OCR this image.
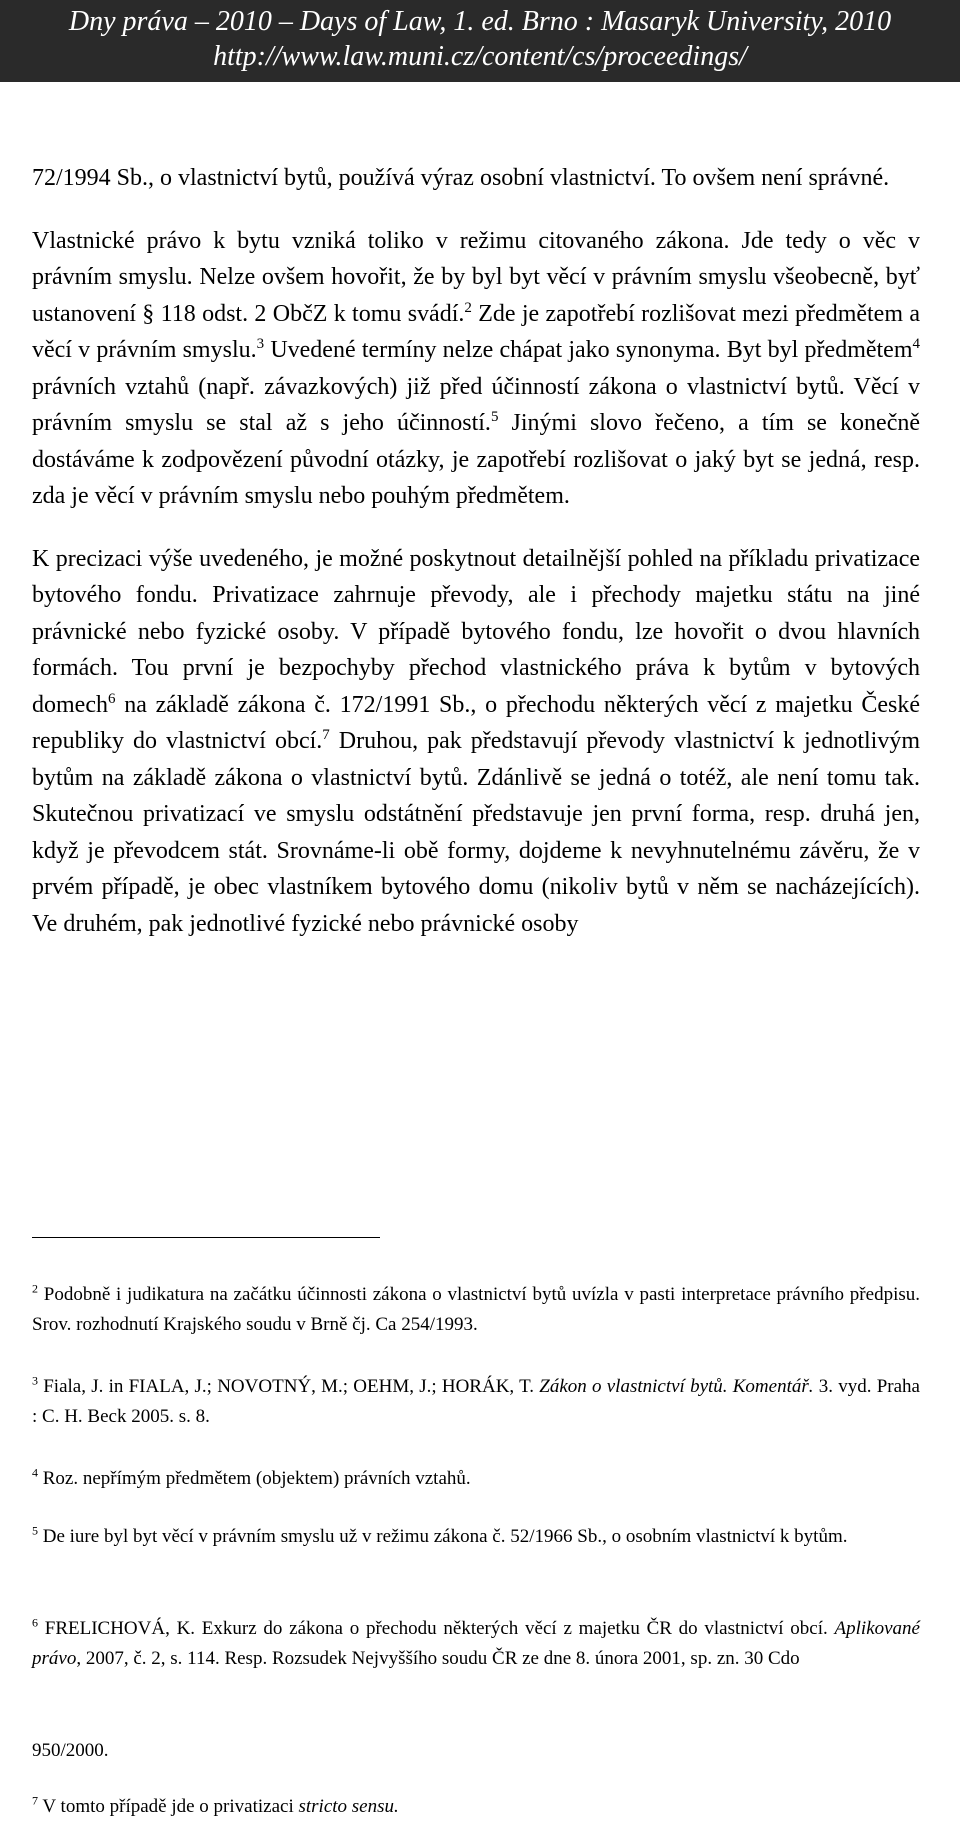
Dny práva – 2010 – Days of Law, 1. ed. Brno : Masaryk University, 2010
http://www.law.muni.cz/content/cs/proceedings/

72/1994 Sb., o vlastnictví bytů, používá výraz osobní vlastnictví. To ovšem není správné.

Vlastnické právo k bytu vzniká toliko v režimu citovaného zákona. Jde tedy o věc v právním smyslu. Nelze ovšem hovořit, že by byl byt věcí v právním smyslu všeobecně, byť ustanovení § 118 odst. 2 ObčZ k tomu svádí.$^2$ Zde je zapotřebí rozlišovat mezi předmětem a věcí v právním smyslu.$^3$ Uvedené termíny nelze chápat jako synonyma. Byt byl předmětem$^4$ právních vztahů (např. závazkových) již před účinností zákona o vlastnictví bytů. Věcí v právním smyslu se stal až s jeho účinností.$^5$ Jinými slovo řečeno, a tím se konečně dostáváme k zodpovězení původní otázky, je zapotřebí rozlišovat o jaký byt se jedná, resp. zda je věcí v právním smyslu nebo pouhým předmětem.

K precizaci výše uvedeného, je možné poskytnout detailnější pohled na příkladu privatizace bytového fondu. Privatizace zahrnuje převody, ale i přechody majetku státu na jiné právnické nebo fyzické osoby. V případě bytového fondu, lze hovořit o dvou hlavních formách. Tou první je bezpochyby přechod vlastnického práva k bytům v bytových domech$^6$ na základě zákona č. 172/1991 Sb., o přechodu některých věcí z majetku České republiky do vlastnictví obcí.$^7$ Druhou, pak představují převody vlastnictví k jednotlivým bytům na základě zákona o vlastnictví bytů. Zdánlivě se jedná o totéž, ale není tomu tak. Skutečnou privatizací ve smyslu odstátnění představuje jen první forma, resp. druhá jen, když je převodcem stát. Srovnáme-li obě formy, dojdeme k nevyhnutelnému závěru, že v prvém případě, je obec vlastníkem bytového domu (nikoliv bytů v něm se nacházejících). Ve druhém, pak jednotlivé fyzické nebo právnické osoby

$^2$ Podobně i judikatura na začátku účinnosti zákona o vlastnictví bytů uvízla v pasti interpretace právního předpisu. Srov. rozhodnutí Krajského soudu v Brně čj. Ca 254/1993.
$^3$ Fiala, J. in FIALA, J.; NOVOTNÝ, M.; OEHM, J.; HORÁK, T. Zákon o vlastnictví bytů. Komentář. 3. vyd. Praha : C. H. Beck 2005. s. 8.
$^4$ Roz. nepřímým předmětem (objektem) právních vztahů.
$^5$ De iure byl byt věcí v právním smyslu už v režimu zákona č. 52/1966 Sb., o osobním vlastnictví k bytům.
$^6$ FRELICHOVÁ, K. Exkurz do zákona o přechodu některých věcí z majetku ČR do vlastnictví obcí. Aplikované právo, 2007, č. 2, s. 114. Resp. Rozsudek Nejvyššího soudu ČR ze dne 8. února 2001, sp. zn. 30 Cdo
950/2000.
$^7$ V tomto případě jde o privatizaci stricto sensu.
